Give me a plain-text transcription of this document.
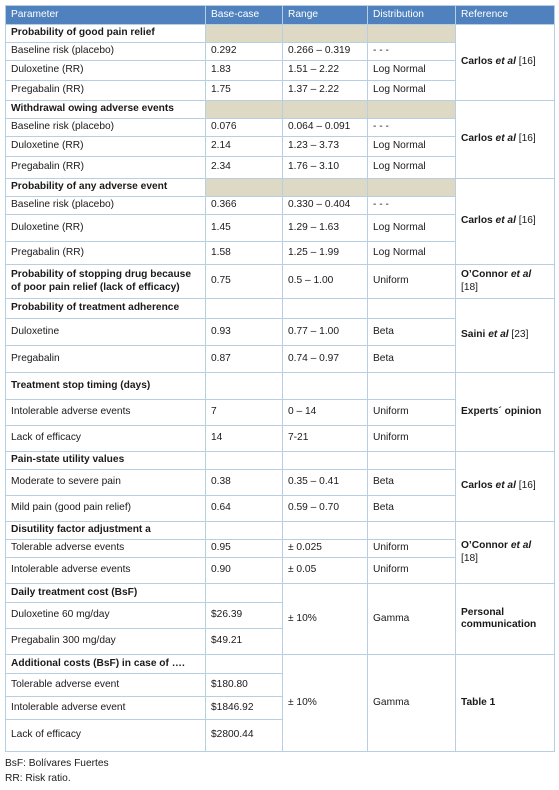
Parameter	Base-case	Range	Distribution	Reference
Probability of good pain relief				Carlos et al [16]
Baseline risk (placebo)	0.292	0.266 – 0.319	- - -	
Duloxetine (RR)	1.83	1.51 – 2.22	Log Normal	
Pregabalin (RR)	1.75	1.37 – 2.22	Log Normal	
Withdrawal owing adverse events				Carlos et al [16]
Baseline risk (placebo)	0.076	0.064 – 0.091	- - -	
Duloxetine (RR)	2.14	1.23 – 3.73	Log Normal	
Pregabalin (RR)	2.34	1.76 – 3.10	Log Normal	
Probability of any adverse event				Carlos et al [16]
Baseline risk (placebo)	0.366	0.330 – 0.404	- - -	
Duloxetine (RR)	1.45	1.29 – 1.63	Log Normal	
Pregabalin (RR)	1.58	1.25 – 1.99	Log Normal	
Probability of stopping drug because of poor pain relief (lack of efficacy)	0.75	0.5 – 1.00	Uniform	O’Connor et al [18]
Probability of treatment adherence				Saini et al [23]
Duloxetine	0.93	0.77 – 1.00	Beta	
Pregabalin	0.87	0.74 – 0.97	Beta	
Treatment stop timing (days)				Experts´ opinion
Intolerable adverse events	7	0 – 14	Uniform	
Lack of efficacy	14	7-21	Uniform	
Pain-state utility values				Carlos et al [16]
Moderate to severe pain	0.38	0.35 – 0.41	Beta	
Mild pain (good pain relief)	0.64	0.59 – 0.70	Beta	
Disutility factor adjustment a				O’Connor et al [18]
Tolerable adverse events	0.95	± 0.025	Uniform	
Intolerable adverse events	0.90	± 0.05	Uniform	
Daily treatment cost (BsF)		± 10%	Gamma	Personal communication
Duloxetine 60 mg/day	$26.39			
Pregabalin 300 mg/day	$49.21			
Additional costs (BsF) in case of ….		± 10%	Gamma	Table 1
Tolerable adverse event	$180.80			
Intolerable adverse event	$1846.92			
Lack of efficacy	$2800.44			
BsF: Bolívares Fuertes
RR: Risk ratio.
